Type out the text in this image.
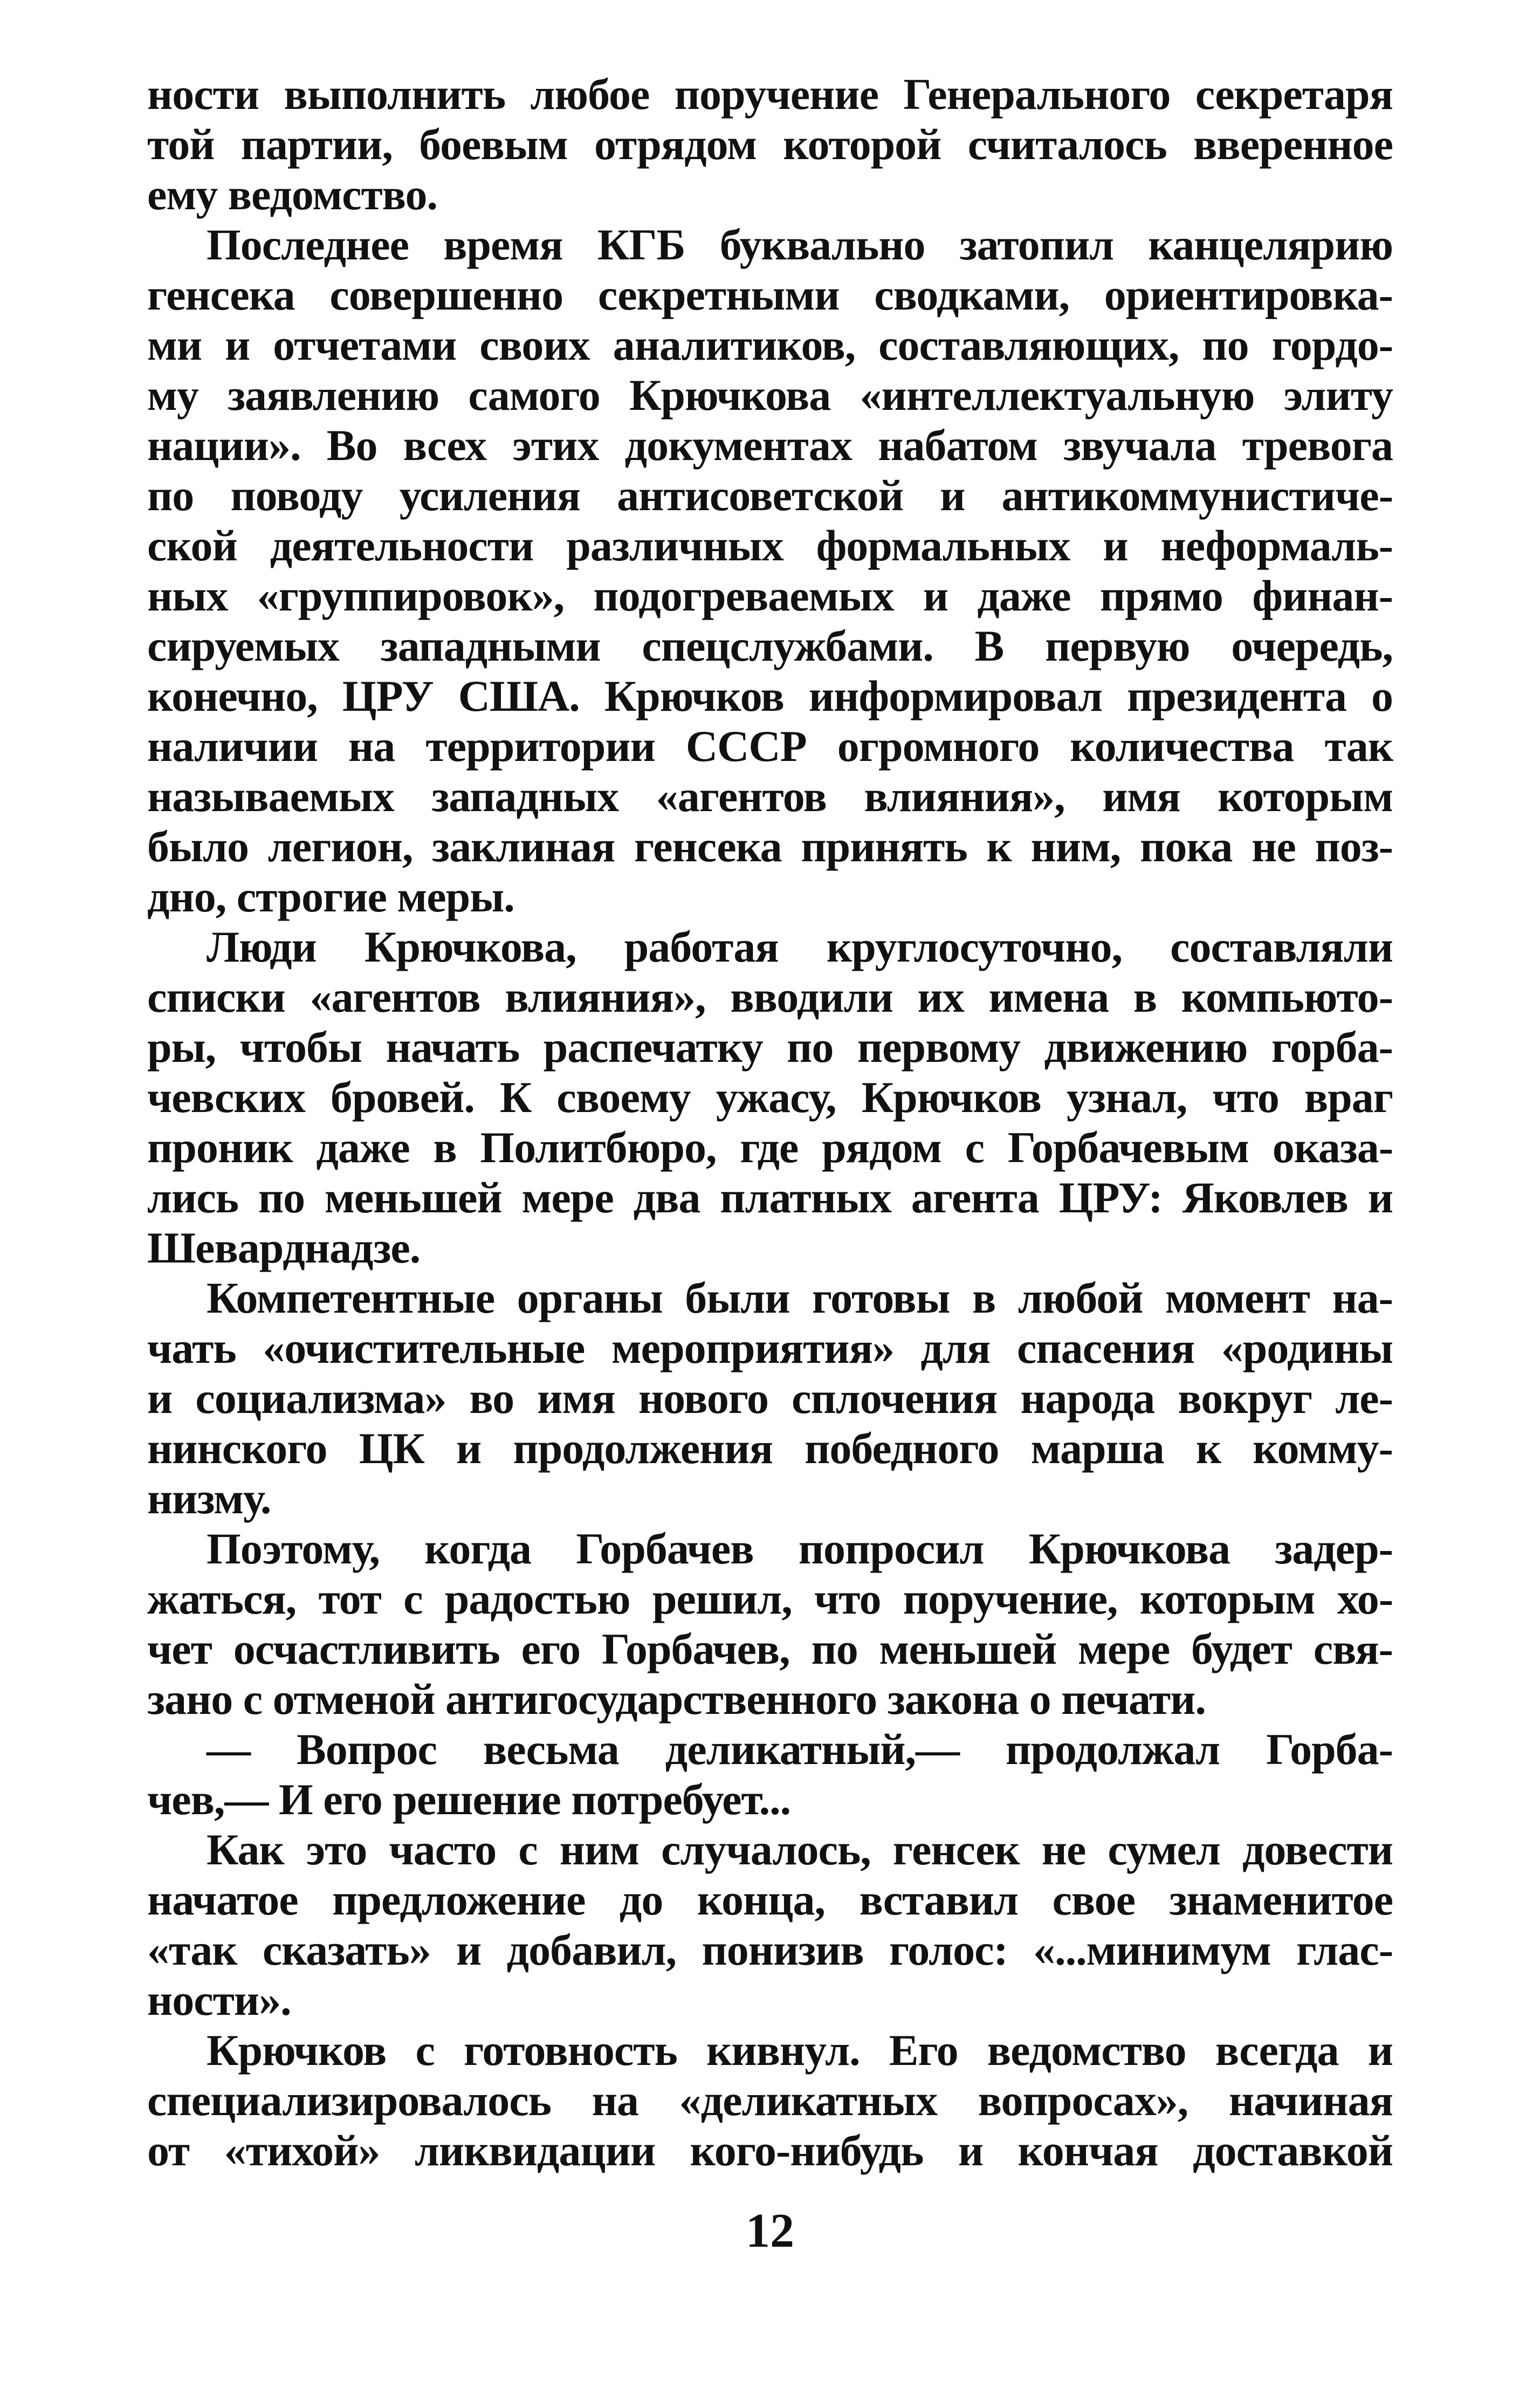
ности выполнить любое поручение Генерального секретаря
той партии, боевым отрядом которой считалось вверенное
ему ведомство.
Последнее время КГБ буквально затопил канцелярию
генсека совершенно секретными сводками, ориентировка-
ми и отчетами своих аналитиков, составляющих, по гордо-
му заявлению самого Крючкова «интеллектуальную элиту
нации». Во всех этих документах набатом звучала тревога
по поводу усиления антисоветской и антикоммунистиче-
ской деятельности различных формальных и неформаль-
ных «группировок», подогреваемых и даже прямо финан-
сируемых западными спецслужбами. В первую очередь,
конечно, ЦРУ США. Крючков информировал президента о
наличии на территории СССР огромного количества так
называемых западных «агентов влияния», имя которым
было легион, заклиная генсека принять к ним, пока не поз-
дно, строгие меры.
Люди Крючкова, работая круглосуточно, составляли
списки «агентов влияния», вводили их имена в компьюто-
ры, чтобы начать распечатку по первому движению горба-
чевских бровей. К своему ужасу, Крючков узнал, что враг
проник даже в Политбюро, где рядом с Горбачевым оказа-
лись по меньшей мере два платных агента ЦРУ: Яковлев и
Шеварднадзе.
Компетентные органы были готовы в любой момент на-
чать «очистительные мероприятия» для спасения «родины
и социализма» во имя нового сплочения народа вокруг ле-
нинского ЦК и продолжения победного марша к комму-
низму.
Поэтому, когда Горбачев попросил Крючкова задер-
жаться, тот с радостью решил, что поручение, которым хо-
чет осчастливить его Горбачев, по меньшей мере будет свя-
зано с отменой антигосударственного закона о печати.
— Вопрос весьма деликатный,— продолжал Горба-
чев,— И его решение потребует...
Как это часто с ним случалось, генсек не сумел довести
начатое предложение до конца, вставил свое знаменитое
«так сказать» и добавил, понизив голос: «...минимум глас-
ности».
Крючков с готовность кивнул. Его ведомство всегда и
специализировалось на «деликатных вопросах», начиная
от «тихой» ликвидации кого-нибудь и кончая доставкой
12
